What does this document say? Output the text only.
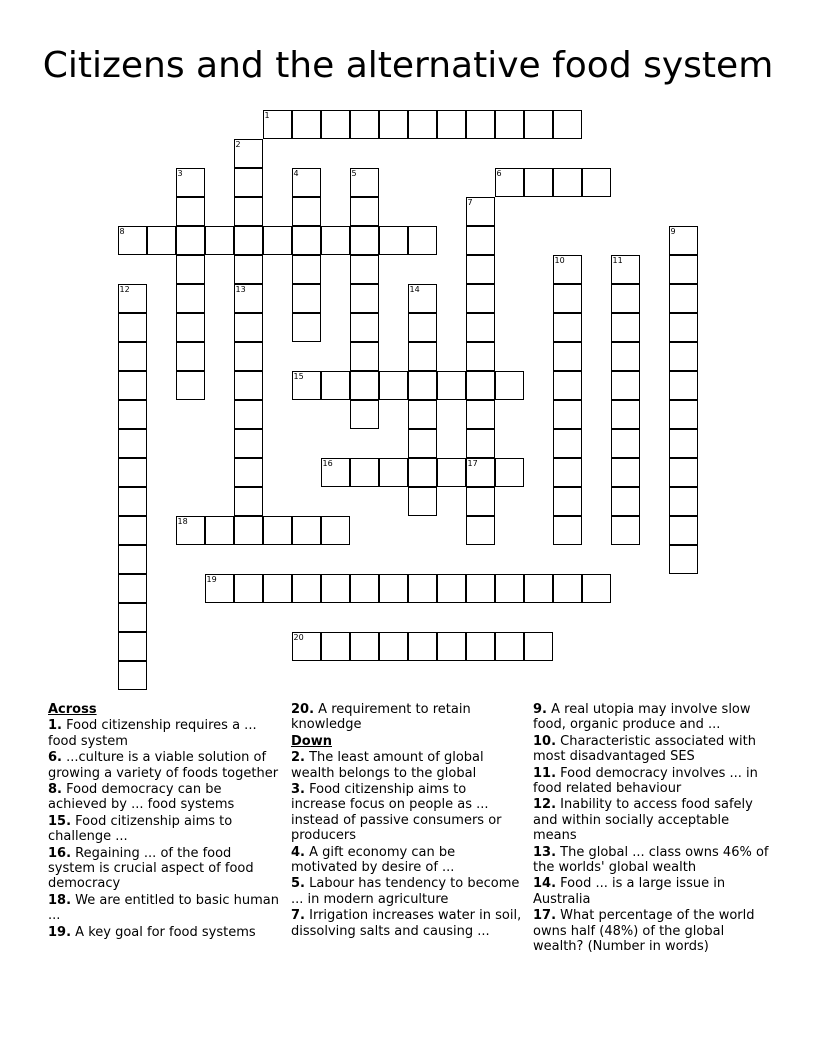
Citizens and the alternative food system
1
2
13
3	4	5	6
7
17
8	9
10	11
12	14
15
16
18
19
20
Across
1. Food citizenship requires a ... food system
6. ...culture is a viable solution of growing a variety of foods together
8. Food democracy can be achieved by ... food systems
15. Food citizenship aims to challenge ...
16. Regaining ... of the food system is crucial aspect of food democracy
18. We are entitled to basic human ...
19. A key goal for food systems
20. A requirement to retain knowledge
Down
2. The least amount of global wealth belongs to the global
3. Food citizenship aims to increase focus on people as ... instead of passive consumers or producers
4. A gift economy can be motivated by desire of ...
5. Labour has tendency to become ... in modern agriculture
7. Irrigation increases water in soil, dissolving salts and causing ...
9. A real utopia may involve slow food, organic produce and ...
10. Characteristic associated with most disadvantaged SES
11. Food democracy involves ... in food related behaviour
12. Inability to access food safely and within socially acceptable means
13. The global ... class owns 46% of the worlds' global wealth
14. Food ... is a large issue in Australia
17. What percentage of the world owns half (48%) of the global wealth? (Number in words)
